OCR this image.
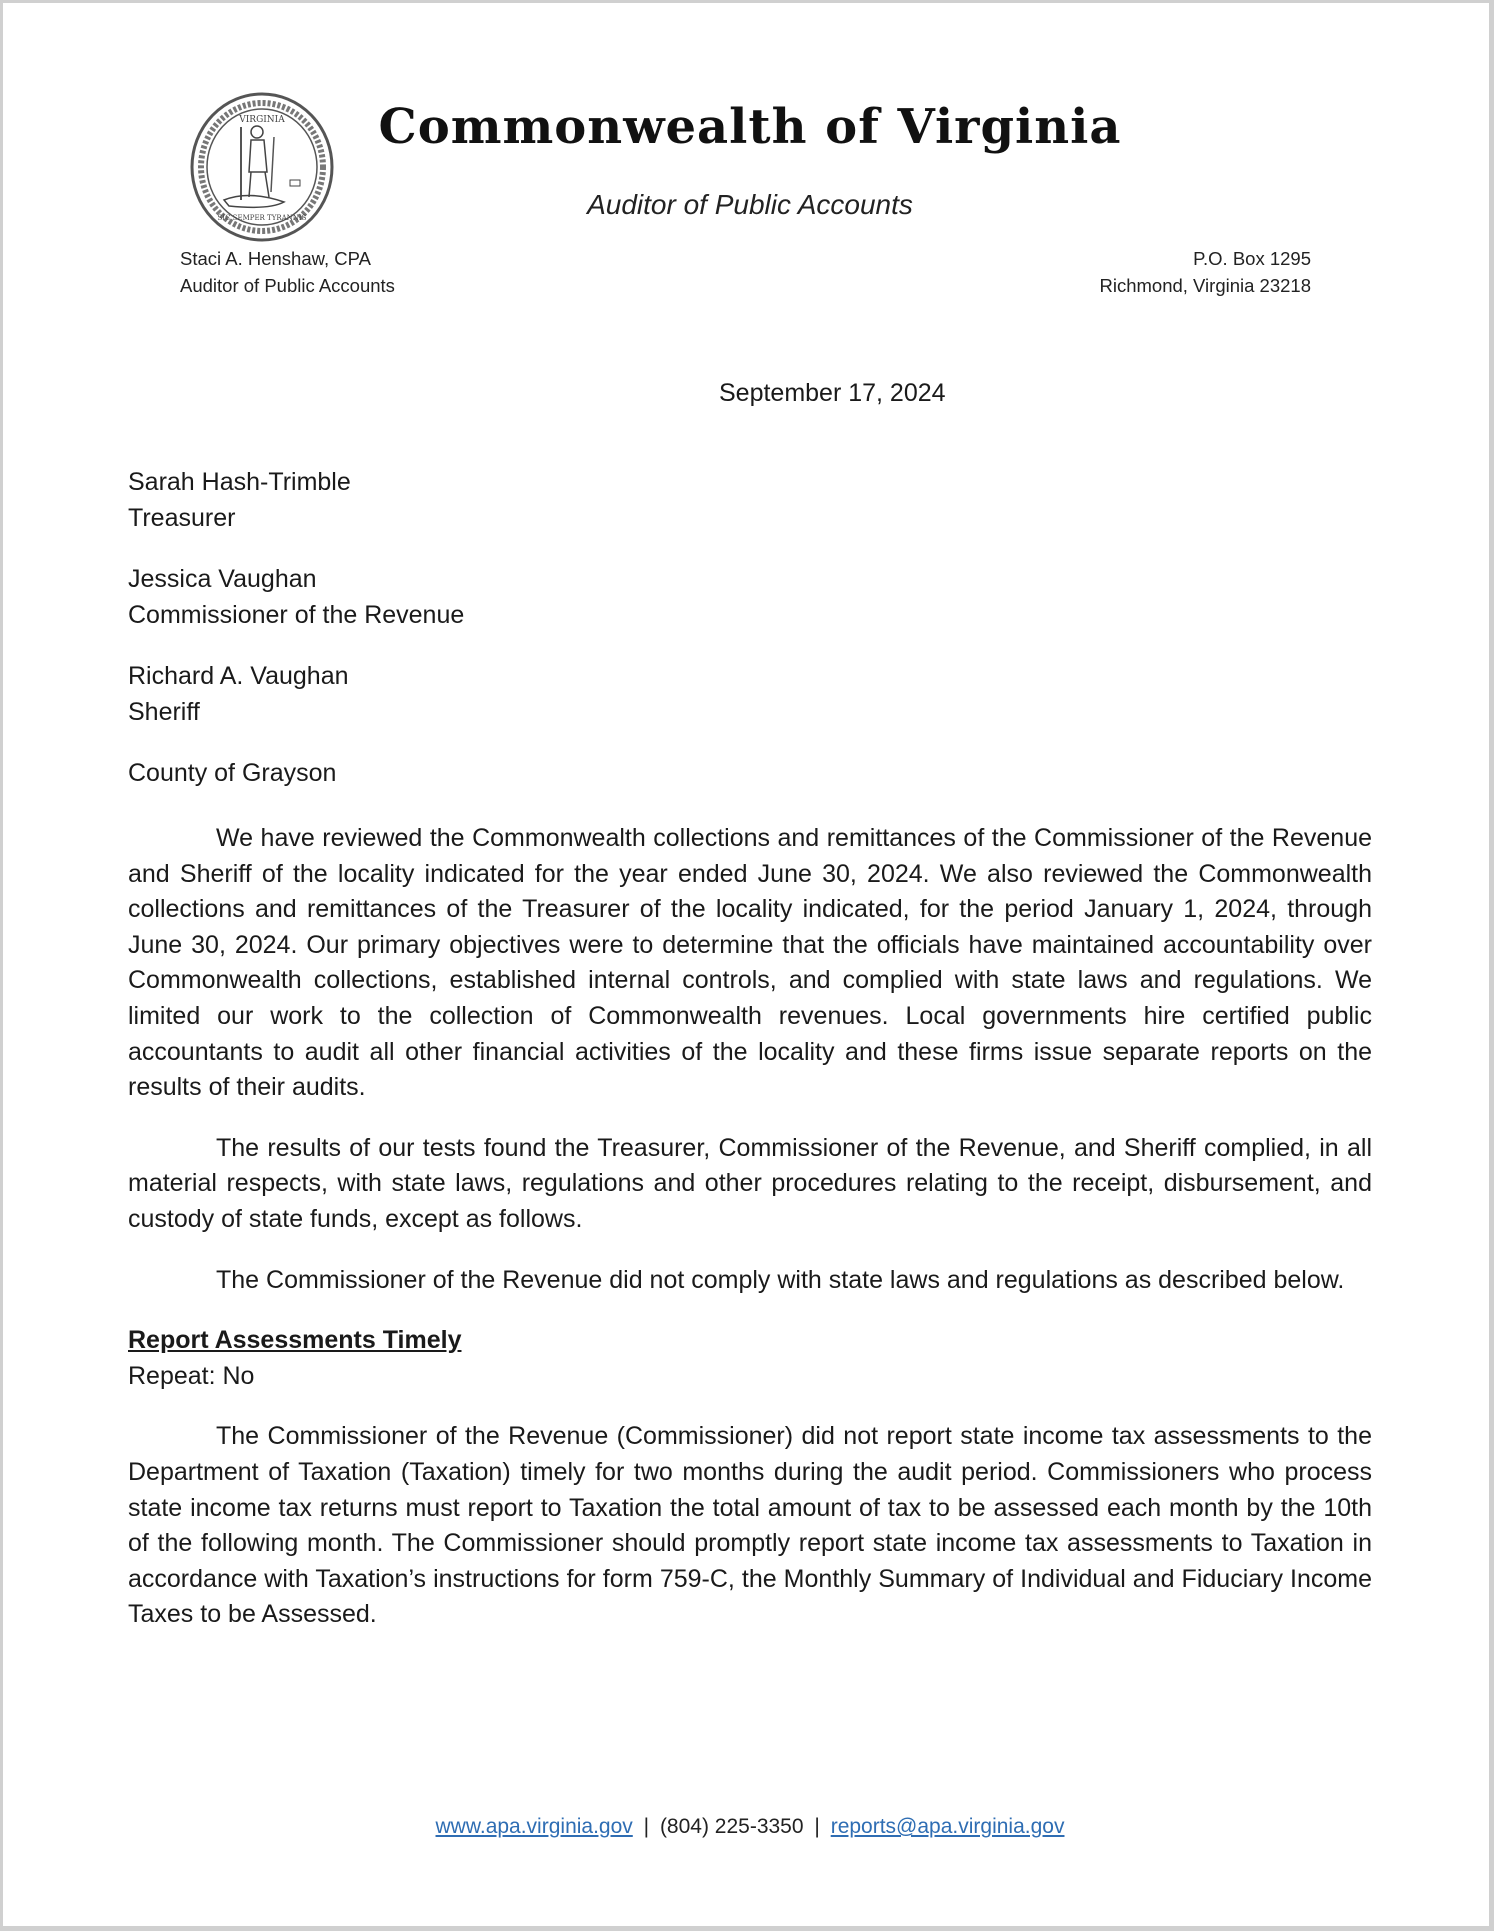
VIRGINIA
SIC SEMPER TYRANNIS
Commonwealth of Virginia
Auditor of Public Accounts
Staci A. Henshaw, CPA
Auditor of Public Accounts
P.O. Box 1295
Richmond, Virginia 23218
September 17, 2024
Sarah Hash-Trimble
Treasurer
Jessica Vaughan
Commissioner of the Revenue
Richard A. Vaughan
Sheriff
County of Grayson

We have reviewed the Commonwealth collections and remittances of the Commissioner of the Revenue and Sheriff of the locality indicated for the year ended June 30, 2024. We also reviewed the Commonwealth collections and remittances of the Treasurer of the locality indicated, for the period January 1, 2024, through June 30, 2024. Our primary objectives were to determine that the officials have maintained accountability over Commonwealth collections, established internal controls, and complied with state laws and regulations. We limited our work to the collection of Commonwealth revenues. Local governments hire certified public accountants to audit all other financial activities of the locality and these firms issue separate reports on the results of their audits.

The results of our tests found the Treasurer, Commissioner of the Revenue, and Sheriff complied, in all material respects, with state laws, regulations and other procedures relating to the receipt, disbursement, and custody of state funds, except as follows.

The Commissioner of the Revenue did not comply with state laws and regulations as described below.

Report Assessments Timely
Repeat: No

The Commissioner of the Revenue (Commissioner) did not report state income tax assessments to the Department of Taxation (Taxation) timely for two months during the audit period. Commissioners who process state income tax returns must report to Taxation the total amount of tax to be assessed each month by the 10th of the following month. The Commissioner should promptly report state income tax assessments to Taxation in accordance with Taxation’s instructions for form 759-C, the Monthly Summary of Individual and Fiduciary Income Taxes to be Assessed.

www.apa.virginia.gov | (804) 225-3350 | reports@apa.virginia.gov
